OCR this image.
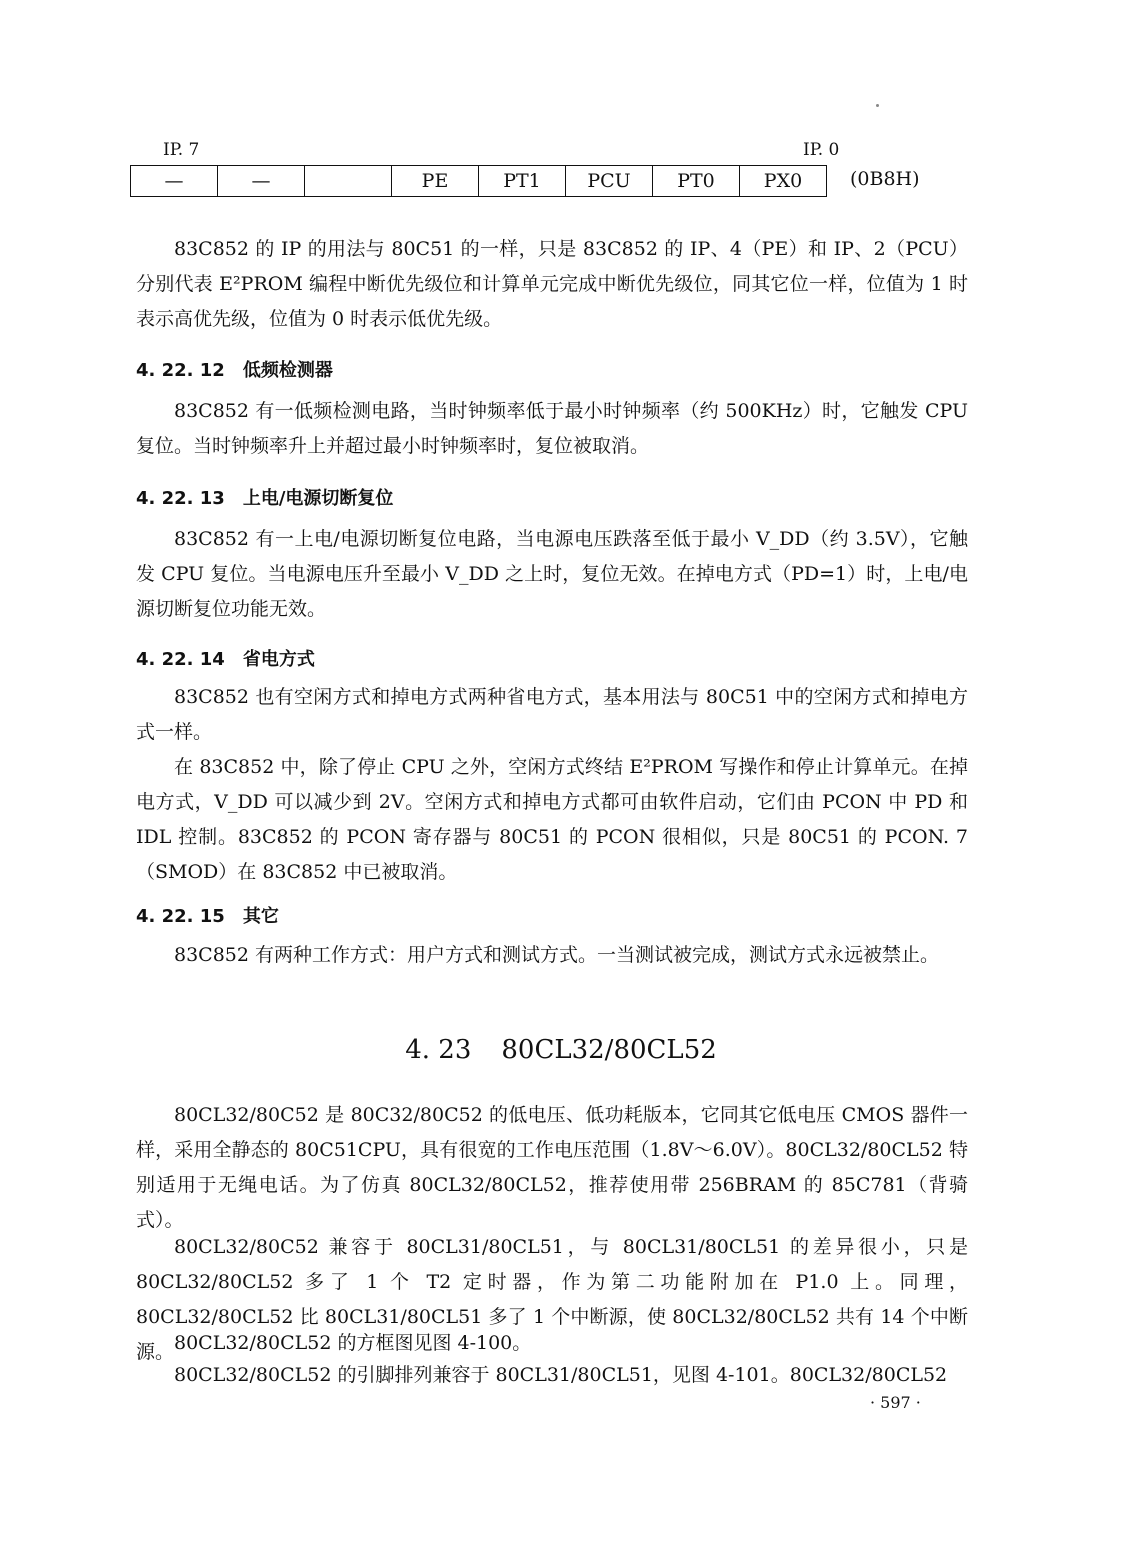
IP. 7	IP. 0
—	—		PE	PT1	PCU	PT0	PX0	(0B8H)

83C852 的 IP 的用法与 80C51 的一样，只是 83C852 的 IP、4（PE）和 IP、2（PCU）分别代表 E²PROM 编程中断优先级位和计算单元完成中断优先级位，同其它位一样，位值为 1 时表示高优先级，位值为 0 时表示低优先级。

4. 22. 12 低频检测器

83C852 有一低频检测电路，当时钟频率低于最小时钟频率（约 500KHz）时，它触发 CPU 复位。当时钟频率升上并超过最小时钟频率时，复位被取消。

4. 22. 13 上电/电源切断复位

83C852 有一上电/电源切断复位电路，当电源电压跌落至低于最小 V_DD（约 3.5V），它触发 CPU 复位。当电源电压升至最小 V_DD 之上时，复位无效。在掉电方式（PD=1）时，上电/电源切断复位功能无效。

4. 22. 14 省电方式

83C852 也有空闲方式和掉电方式两种省电方式，基本用法与 80C51 中的空闲方式和掉电方式一样。

在 83C852 中，除了停止 CPU 之外，空闲方式终结 E²PROM 写操作和停止计算单元。在掉电方式，V_DD 可以减少到 2V。空闲方式和掉电方式都可由软件启动，它们由 PCON 中 PD 和 IDL 控制。83C852 的 PCON 寄存器与 80C51 的 PCON 很相似，只是 80C51 的 PCON. 7（SMOD）在 83C852 中已被取消。

4. 22. 15 其它

83C852 有两种工作方式：用户方式和测试方式。一当测试被完成，测试方式永远被禁止。

4. 23 80CL32/80CL52

80CL32/80C52 是 80C32/80C52 的低电压、低功耗版本，它同其它低电压 CMOS 器件一样，采用全静态的 80C51CPU，具有很宽的工作电压范围（1.8V～6.0V）。80CL32/80CL52 特别适用于无绳电话。为了仿真 80CL32/80CL52，推荐使用带 256BRAM 的 85C781（背骑式）。

80CL32/80C52 兼容于 80CL31/80CL51，与 80CL31/80CL51 的差异很小，只是 80CL32/80CL52 多了 1 个 T2 定时器，作为第二功能附加在 P1.0 上。同理，80CL32/80CL52 比 80CL31/80CL51 多了 1 个中断源，使 80CL32/80CL52 共有 14 个中断源。 80CL32/80CL52 的方框图见图 4-100。

80CL32/80CL52 的引脚排列兼容于 80CL31/80CL51，见图 4-101。80CL32/80CL52

· 597 ·
